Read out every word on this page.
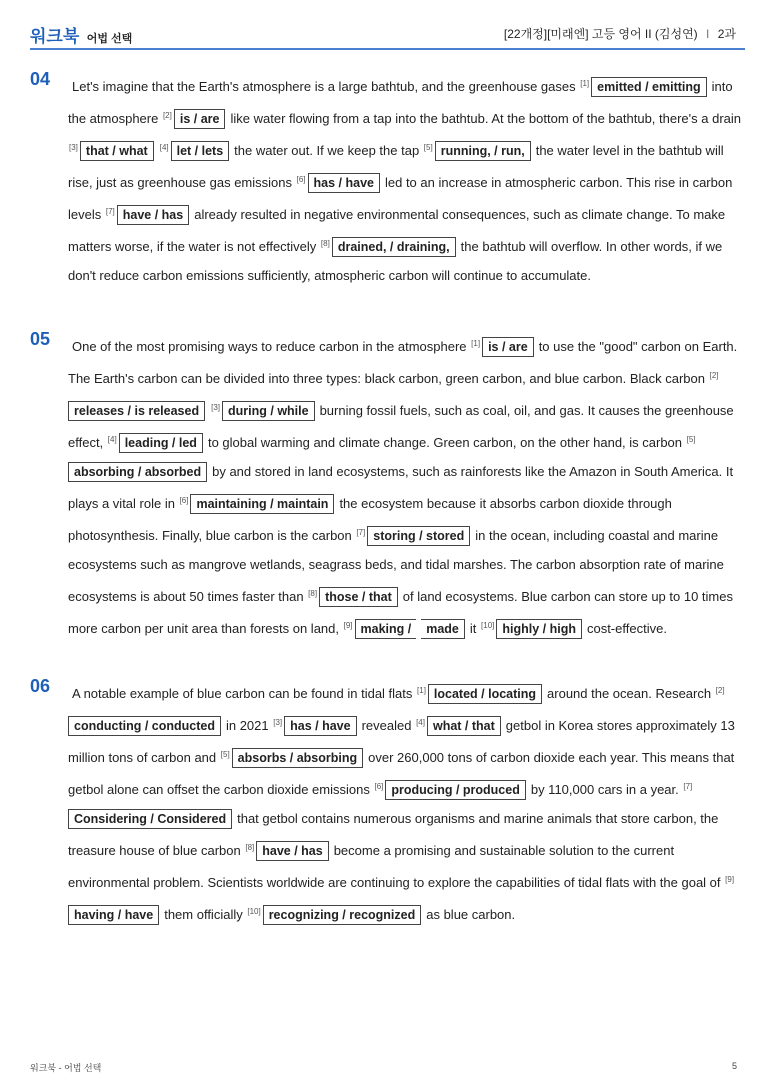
워크북 어법 선택	[22개정][미래엔] 고등 영어 II (김성연) I 2과
04	Let's imagine that the Earth's atmosphere is a large bathtub, and the greenhouse gases [1] emitted / emitting into the atmosphere [2] is / are like water flowing from a tap into the bathtub. At the bottom of the bathtub, there's a drain [3] that / what [4] let / lets the water out. If we keep the tap [5] running, / run, the water level in the bathtub will rise, just as greenhouse gas emissions [6] has / have led to an increase in atmospheric carbon. This rise in carbon levels [7] have / has already resulted in negative environmental consequences, such as climate change. To make matters worse, if the water is not effectively [8] drained, / draining, the bathtub will overflow. In other words, if we don't reduce carbon emissions sufficiently, atmospheric carbon will continue to accumulate.

05	One of the most promising ways to reduce carbon in the atmosphere [1] is / are to use the "good" carbon on Earth. The Earth's carbon can be divided into three types: black carbon, green carbon, and blue carbon. Black carbon [2]releases / is released [3] during / while burning fossil fuels, such as coal, oil, and gas. It causes the greenhouse effect, [4] leading / led to global warming and climate change. Green carbon, on the other hand, is carbon [5]absorbing / absorbed by and stored in land ecosystems, such as rainforests like the Amazon in South America. It plays a vital role in [6] maintaining / maintain the ecosystem because it absorbs carbon dioxide through photosynthesis. Finally, blue carbon is the carbon [7] storing / stored in the ocean, including coastal and marine ecosystems such as mangrove wetlands, seagrass beds, and tidal marshes. The carbon absorption rate of marine ecosystems is about 50 times faster than [8] those / that of land ecosystems. Blue carbon can store up to 10 times more carbon per unit area than forests on land, [9] making / made it [10] highly / high cost-effective.

06	A notable example of blue carbon can be found in tidal flats [1] located / locating around the ocean. Research [2]conducting / conducted in 2021 [3] has / have revealed [4] what / that getbol in Korea stores approximately 13 million tons of carbon and [5] absorbs / absorbing over 260,000 tons of carbon dioxide each year. This means that getbol alone can offset the carbon dioxide emissions [6] producing / produced by 110,000 cars in a year. [7]Considering / Considered that getbol contains numerous organisms and marine animals that store carbon, the treasure house of blue carbon [8] have / has become a promising and sustainable solution to the current environmental problem. Scientists worldwide are continuing to explore the capabilities of tidal flats with the goal of [9]having / have them officially [10] recognizing / recognized as blue carbon.

워크북 - 어법 선택	5
